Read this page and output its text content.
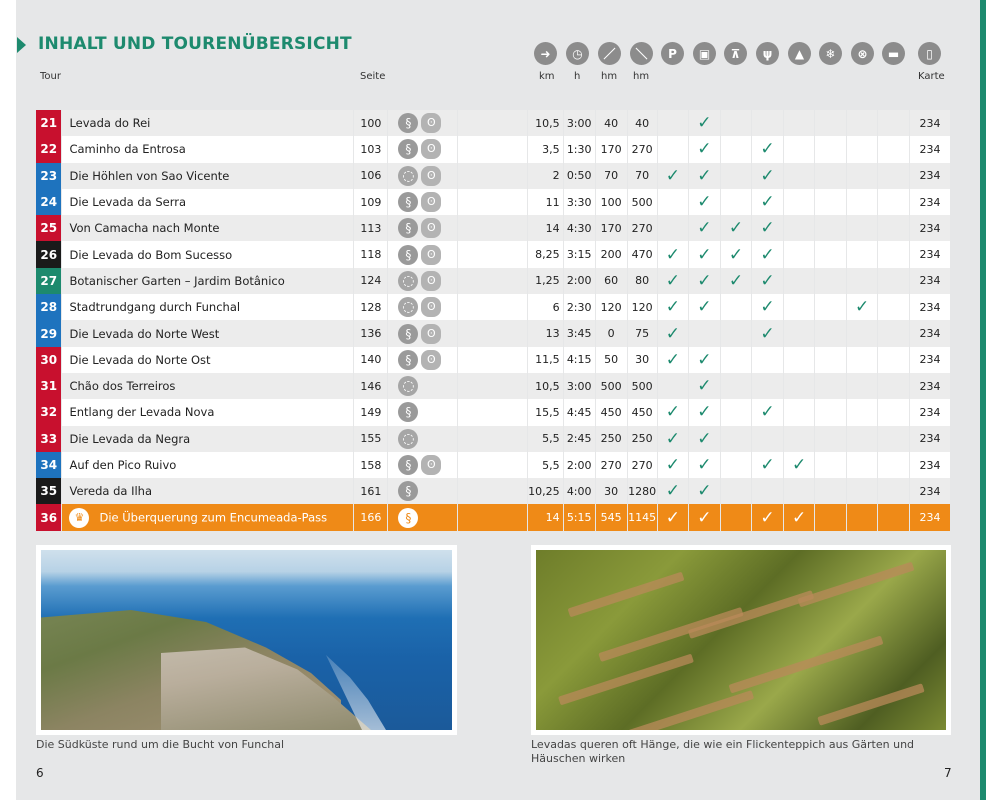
INHALT UND TOURENÜBERSICHT
Tour	Seite	km h hm hm	Karte
➜	◷	／	＼	P	▣	⊼	ψ	▲	❄	⊗	▬	▯
21	Levada do Rei	100	§ ʘ		10,5	3:00	40	40		✓							234
22	Caminho da Entrosa	103	§ ʘ		3,5	1:30	170	270		✓		✓					234
23	Die Höhlen von Sao Vicente	106	◌ ʘ		2	0:50	70	70	✓	✓		✓					234
24	Die Levada da Serra	109	§ ʘ		11	3:30	100	500		✓		✓					234
25	Von Camacha nach Monte	113	§ ʘ		14	4:30	170	270		✓	✓	✓					234
26	Die Levada do Bom Sucesso	118	§ ʘ		8,25	3:15	200	470	✓	✓	✓	✓					234
27	Botanischer Garten – Jardim Botânico	124	◌ ʘ		1,25	2:00	60	80	✓	✓	✓	✓					234
28	Stadtrundgang durch Funchal	128	◌ ʘ		6	2:30	120	120	✓	✓		✓			✓		234
29	Die Levada do Norte West	136	§ ʘ		13	3:45	0	75	✓			✓					234
30	Die Levada do Norte Ost	140	§ ʘ		11,5	4:15	50	30	✓	✓							234
31	Chão dos Terreiros	146	◌		10,5	3:00	500	500		✓							234
32	Entlang der Levada Nova	149	§		15,5	4:45	450	450	✓	✓		✓					234
33	Die Levada da Negra	155	◌		5,5	2:45	250	250	✓	✓							234
34	Auf den Pico Ruivo	158	§ ʘ		5,5	2:00	270	270	✓	✓		✓	✓				234
35	Vereda da Ilha	161	§		10,25	4:00	30	1280	✓	✓							234
36	♛ Die Überquerung zum Encumeada-Pass	166	§		14	5:15	545	1145	✓	✓		✓	✓				234
Die Südküste rund um die Bucht von Funchal	Levadas queren oft Hänge, die wie ein Flickenteppich aus Gärten und
Häuschen wirken
6	7
